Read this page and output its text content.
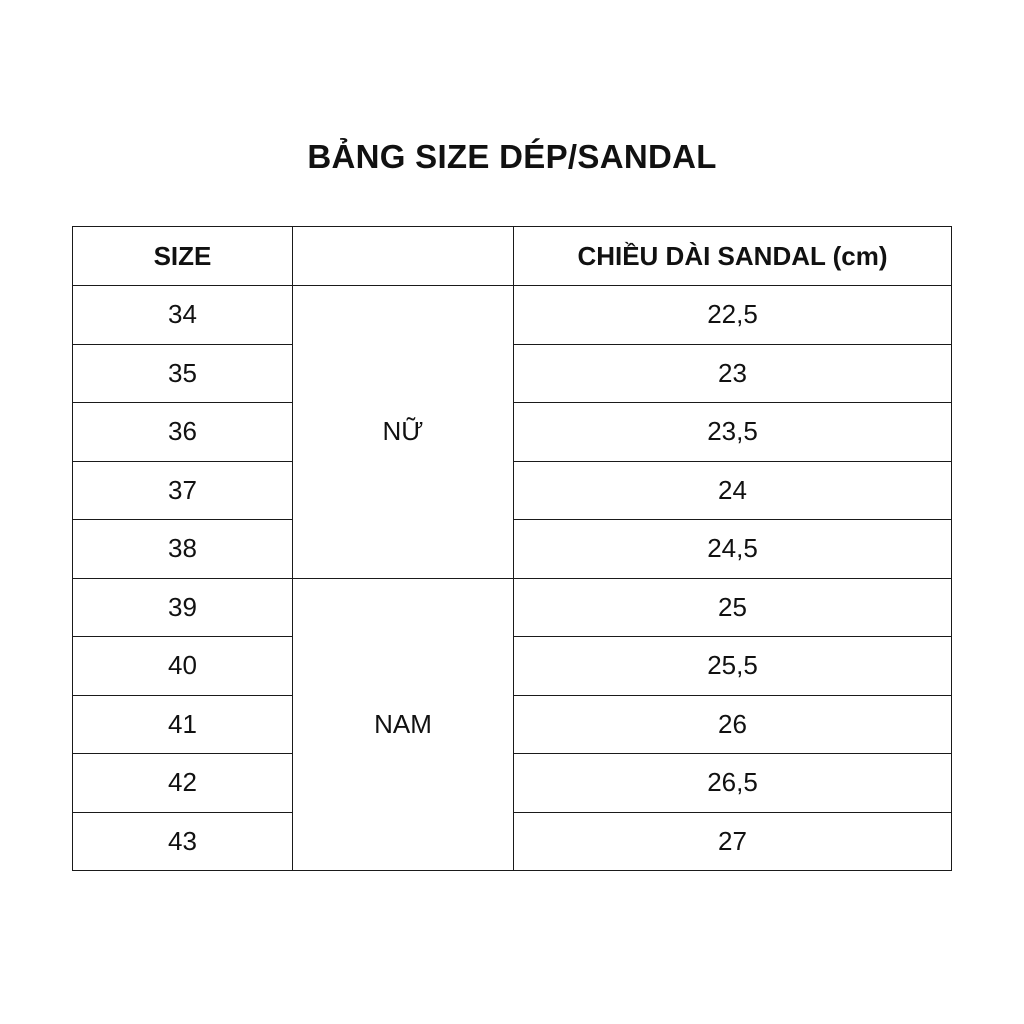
BẢNG SIZE DÉP/SANDAL
SIZE		CHIỀU DÀI SANDAL (cm)
34	NỮ	22,5
35		23
36		23,5
37		24
38		24,5
39	NAM	25
40		25,5
41		26
42		26,5
43		27
